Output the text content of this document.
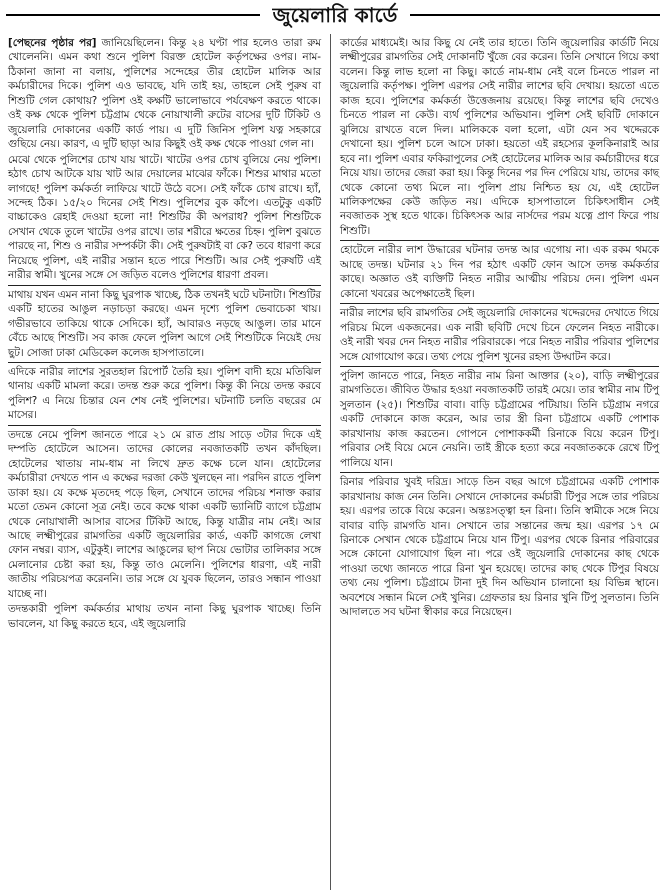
জুয়েলারি কার্ডে

[পেছনের পৃষ্ঠার পর] জানিয়েছিলেন। কিন্তু ২৪ ঘণ্টা পার হলেও তারা রুম খোলেননি। এমন কথা শুনে পুলিশ বিরক্ত হোটেল কর্তৃপক্ষের ওপর। নাম-ঠিকানা জানা না বলায়, পুলিশের সন্দেহের তীর হোটেল মালিক আর কর্মচারীদের দিকে। পুলিশ এও ভাবছে, যদি তাই হয়, তাহলে সেই পুরুষ বা শিশুটি গেল কোথায়? পুলিশ ওই কক্ষটি ভালোভাবে পর্যবেক্ষণ করতে থাকে। ওই কক্ষ থেকে পুলিশ চট্টগ্রাম থেকে নোয়াখালী রুটের বাসের দুটি টিকিট ও জুয়েলারি দোকানের একটি কার্ড পায়। এ দুটি জিনিস পুলিশ যত্ন সহকারে গুছিয়ে নেয়। কারণ, এ দুটি ছাড়া আর কিছুই ওই কক্ষ থেকে পাওয়া গেল না।

মেঝে থেকে পুলিশের চোখ যায় খাটে। খাটের ওপর চোখ বুলিয়ে নেয় পুলিশ। হঠাৎ চোখ আটকে যায় খাট আর দেয়ালের মাঝের ফাঁকে। শিশুর মাথার মতো লাগছে! পুলিশ কর্মকর্তা লাফিয়ে খাটে উঠে বসে। সেই ফাঁকে চোখ রাখে। হ্যাঁ, সন্দেহ ঠিক। ১৫/২০ দিনের সেই শিশু। পুলিশের বুক কাঁপে। এতটুকু একটি বাচ্চাকেও রেহাই দেওয়া হলো না! শিশুটির কী অপরাধ? পুলিশ শিশুটিকে সেখান থেকে তুলে খাটের ওপর রাখে। তার শরীরে ক্ষতের চিহ্ন। পুলিশ বুঝতে পারছে না, শিশু ও নারীর সম্পর্কটা কী। সেই পুরুষটাই বা কে? তবে ধারণা করে নিয়েছে পুলিশ, এই নারীর সন্তান হতে পারে শিশুটি। আর সেই পুরুষটি এই নারীর স্বামী। খুনের সঙ্গে সে জড়িত বলেও পুলিশের ধারণা প্রবল।

মাথায় যখন এমন নানা কিছু ঘুরপাক খাচ্ছে, ঠিক তখনই ঘটে ঘটনাটা। শিশুটির একটি হাতের আঙুল নড়াচড়া করছে। এমন দৃশ্যে পুলিশ ভেবাচেকা খায়। গভীরভাবে তাকিয়ে থাকে সেদিকে। হ্যাঁ, আবারও নড়ছে আঙুল। তার মানে বেঁচে আছে শিশুটি। সব কাজ ফেলে পুলিশ আগে সেই শিশুটিকে নিয়েই দেয় ছুট। সোজা ঢাকা মেডিকেল কলেজ হাসপাতালে।

এদিকে নারীর লাশের সুরতহাল রিপোর্ট তৈরি হয়। পুলিশ বাদী হয়ে মতিঝিল থানায় একটি মামলা করে। তদন্ত শুরু করে পুলিশ। কিন্তু কী নিয়ে তদন্ত করবে পুলিশ? এ নিয়ে চিন্তার যেন শেষ নেই পুলিশের। ঘটনাটি চলতি বছরের মে মাসের।

তদন্তে নেমে পুলিশ জানতে পারে ২১ মে রাত প্রায় সাড়ে ৩টার দিকে এই দম্পতি হোটেলে আসেন। তাদের কোলের নবজাতকটি তখন কাঁদছিল। হোটেলের খাতায় নাম-ধাম না লিখে দ্রুত কক্ষে চলে যান। হোটেলের কর্মচারীরা দেখতে পান এ কক্ষের দরজা কেউ খুলছেন না। পরদিন রাতে পুলিশ ডাকা হয়। যে কক্ষে মৃতদেহ পড়ে ছিল, সেখানে তাদের পরিচয় শনাক্ত করার মতো তেমন কোনো সূত্র নেই। তবে কক্ষে থাকা একটি ভ্যানিটি ব্যাগে চট্টগ্রাম থেকে নোয়াখালী আসার বাসের টিকিট আছে, কিন্তু যাত্রীর নাম নেই। আর আছে লক্ষ্মীপুরের রামগতির একটি জুয়েলারির কার্ড, একটি কাগজে লেখা ফোন নম্বর। ব্যাস, এটুকুই। লাশের আঙুলের ছাপ নিয়ে ভোটার তালিকার সঙ্গে মেলানোর চেষ্টা করা হয়, কিন্তু তাও মেলেনি। পুলিশের ধারণা, এই নারী জাতীয় পরিচয়পত্র করেননি। তার সঙ্গে যে যুবক ছিলেন, তারও সন্ধান পাওয়া যাচ্ছে না।

তদন্তকারী পুলিশ কর্মকর্তার মাথায় তখন নানা কিছু ঘুরপাক খাচ্ছে। তিনি ভাবলেন, যা কিছু করতে হবে, এই জুয়েলারি

কার্ডের মাধ্যমেই। আর কিছু যে নেই তার হাতে। তিনি জুয়েলারির কার্ডটি নিয়ে লক্ষ্মীপুরের রামগতির সেই দোকানটি খুঁজে বের করেন। তিনি সেখানে গিয়ে কথা বলেন। কিন্তু লাভ হলো না কিছু। কার্ডে নাম-ধাম নেই বলে চিনতে পারল না জুয়েলারি কর্তৃপক্ষ। পুলিশ এরপর সেই নারীর লাশের ছবি দেখায়। হয়তো এতে কাজ হবে। পুলিশের কর্মকর্তা উত্তেজনায় রয়েছে। কিন্তু লাশের ছবি দেখেও চিনতে পারল না কেউ। ব্যর্থ পুলিশের অভিযান। পুলিশ সেই ছবিটি দোকানে ঝুলিয়ে রাখতে বলে দিল। মালিককে বলা হলো, এটা যেন সব খদ্দেরকে দেখানো হয়। পুলিশ চলে আসে ঢাকা। হয়তো এই রহস্যের কূলকিনারাই আর হবে না। পুলিশ এবার ফকিরাপুলের সেই হোটেলের মালিক আর কর্মচারীদের ধরে নিয়ে যায়। তাদের জেরা করা হয়। কিন্তু দিনের পর দিন পেরিয়ে যায়, তাদের কাছ থেকে কোনো তথ্য মিলে না। পুলিশ প্রায় নিশ্চিত হয় যে, এই হোটেল মালিকপক্ষের কেউ জড়িত নয়। এদিকে হাসপাতালে চিকিৎসাধীন সেই নবজাতক সুস্থ হতে থাকে। চিকিৎসক আর নার্সদের পরম যত্নে প্রাণ ফিরে পায় শিশুটি।

হোটেলে নারীর লাশ উদ্ধারের ঘটনার তদন্ত আর এগোয় না। এক রকম থমকে আছে তদন্ত। ঘটনার ২১ দিন পর হঠাৎ একটি ফোন আসে তদন্ত কর্মকর্তার কাছে। অজ্ঞাত ওই ব্যক্তিটি নিহত নারীর আত্মীয় পরিচয় দেন। পুলিশ এমন কোনো খবরের অপেক্ষাতেই ছিল।

নারীর লাশের ছবি রামগতির সেই জুয়েলারি দোকানের খদ্দেরদের দেখাতে গিয়ে পরিচয় মিলে একজনের। এক নারী ছবিটি দেখে চিনে ফেলেন নিহত নারীকে। ওই নারী খবর দেন নিহত নারীর পরিবারকে। পরে নিহত নারীর পরিবার পুলিশের সঙ্গে যোগাযোগ করে। তথ্য পেয়ে পুলিশ খুনের রহস্য উদ্ঘাটন করে।

পুলিশ জানতে পারে, নিহত নারীর নাম রিনা আক্তার (২০), বাড়ি লক্ষ্মীপুরের রামগতিতে। জীবিত উদ্ধার হওয়া নবজাতকটি তারই মেয়ে। তার স্বামীর নাম টিপু সুলতান (২৫)। শিশুটির বাবা। বাড়ি চট্টগ্রামের পটিয়ায়। তিনি চট্টগ্রাম নগরে একটি দোকানে কাজ করেন, আর তার স্ত্রী রিনা চট্টগ্রামে একটি পোশাক কারখানায় কাজ করতেন। গোপনে পোশাককর্মী রিনাকে বিয়ে করেন টিপু। পরিবার সেই বিয়ে মেনে নেয়নি। তাই স্ত্রীকে হত্যা করে নবজাতককে রেখে টিপু পালিয়ে যান।

রিনার পরিবার খুবই দরিদ্র। সাড়ে তিন বছর আগে চট্টগ্রামের একটি পোশাক কারখানায় কাজ নেন তিনি। সেখানে দোকানের কর্মচারী টিপুর সঙ্গে তার পরিচয় হয়। এরপর তাকে বিয়ে করেন। অন্তঃসত্ত্বা হন রিনা। তিনি স্বামীকে সঙ্গে নিয়ে বাবার বাড়ি রামগতি যান। সেখানে তার সন্তানের জন্ম হয়। এরপর ১৭ মে রিনাকে সেখান থেকে চট্টগ্রামে নিয়ে যান টিপু। এরপর থেকে রিনার পরিবারের সঙ্গে কোনো যোগাযোগ ছিল না। পরে ওই জুয়েলারি দোকানের কাছ থেকে পাওয়া তথ্যে জানতে পারে রিনা খুন হয়েছে। তাদের কাছ থেকে টিপুর বিষয়ে তথ্য নেয় পুলিশ। চট্টগ্রামে টানা দুই দিন অভিযান চালানো হয় বিভিন্ন স্থানে। অবশেষে সন্ধান মিলে সেই খুনির। গ্রেফতার হয় রিনার খুনি টিপু সুলতান। তিনি আদালতে সব ঘটনা স্বীকার করে নিয়েছেন।
